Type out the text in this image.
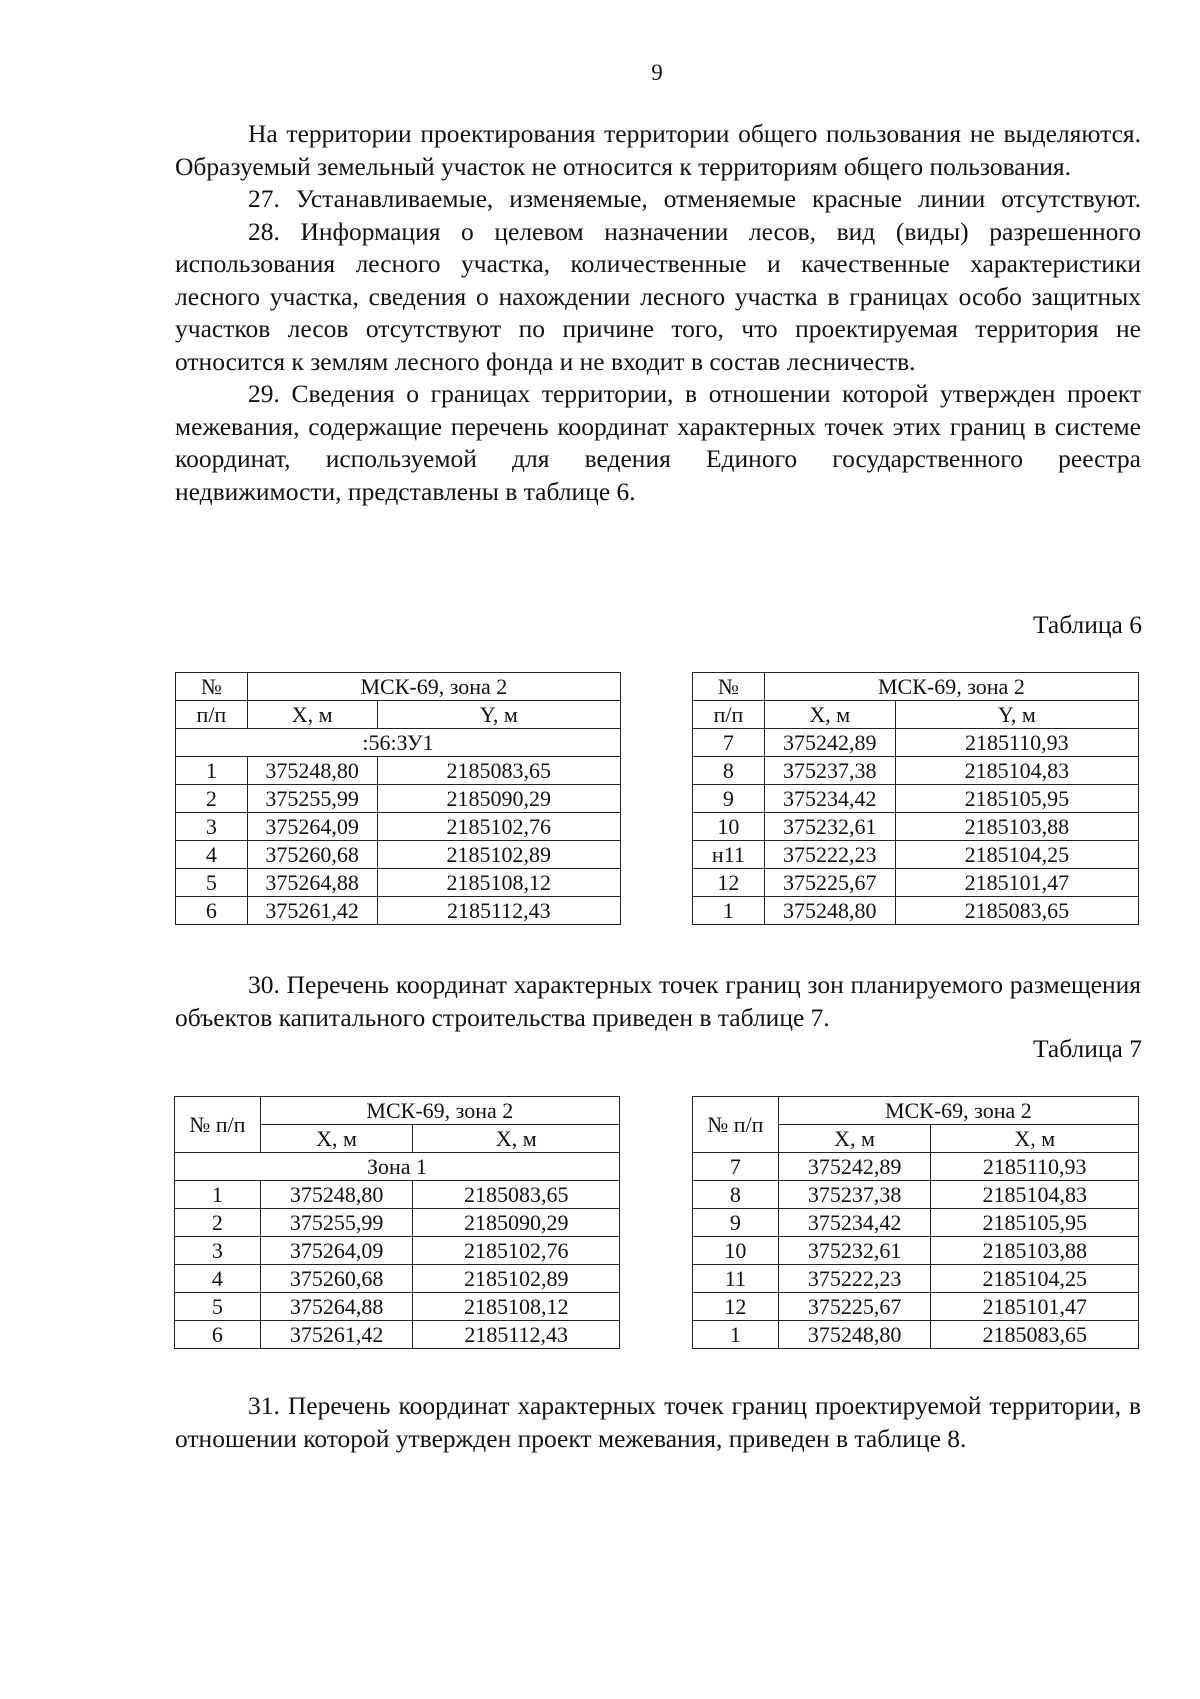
9

На территории проектирования территории общего пользования не выделяются. Образуемый земельный участок не относится к территориям общего пользования.

27. Устанавливаемые, изменяемые, отменяемые красные линии отсутствуют.

28. Информация о целевом назначении лесов, вид (виды) разрешенного использования лесного участка, количественные и качественные характеристики лесного участка, сведения о нахождении лесного участка в границах особо защитных участков лесов отсутствуют по причине того, что проектируемая территория не относится к землям лесного фонда и не входит в состав лесничеств.

29. Сведения о границах территории, в отношении которой утвержден проект межевания, содержащие перечень координат характерных точек этих границ в системе координат, используемой для ведения Единого государственного реестра недвижимости, представлены в таблице 6.

Таблица 6
№	МСК-69, зона 2	
п/п	X, м	Y, м
:56:ЗУ1		
1	375248,80	2185083,65
2	375255,99	2185090,29
3	375264,09	2185102,76
4	375260,68	2185102,89
5	375264,88	2185108,12
6	375261,42	2185112,43
№	МСК-69, зона 2	
п/п	X, м	Y, м
7	375242,89	2185110,93
8	375237,38	2185104,83
9	375234,42	2185105,95
10	375232,61	2185103,88
н11	375222,23	2185104,25
12	375225,67	2185101,47
1	375248,80	2185083,65

30. Перечень координат характерных точек границ зон планируемого размещения объектов капитального строительства приведен в таблице 7.

Таблица 7
№ п/п	МСК-69, зона 2	
	X, м	X, м
Зона 1		
1	375248,80	2185083,65
2	375255,99	2185090,29
3	375264,09	2185102,76
4	375260,68	2185102,89
5	375264,88	2185108,12
6	375261,42	2185112,43
№ п/п	МСК-69, зона 2	
	X, м	X, м
7	375242,89	2185110,93
8	375237,38	2185104,83
9	375234,42	2185105,95
10	375232,61	2185103,88
11	375222,23	2185104,25
12	375225,67	2185101,47
1	375248,80	2185083,65

31. Перечень координат характерных точек границ проектируемой территории, в отношении которой утвержден проект межевания, приведен в таблице 8.
